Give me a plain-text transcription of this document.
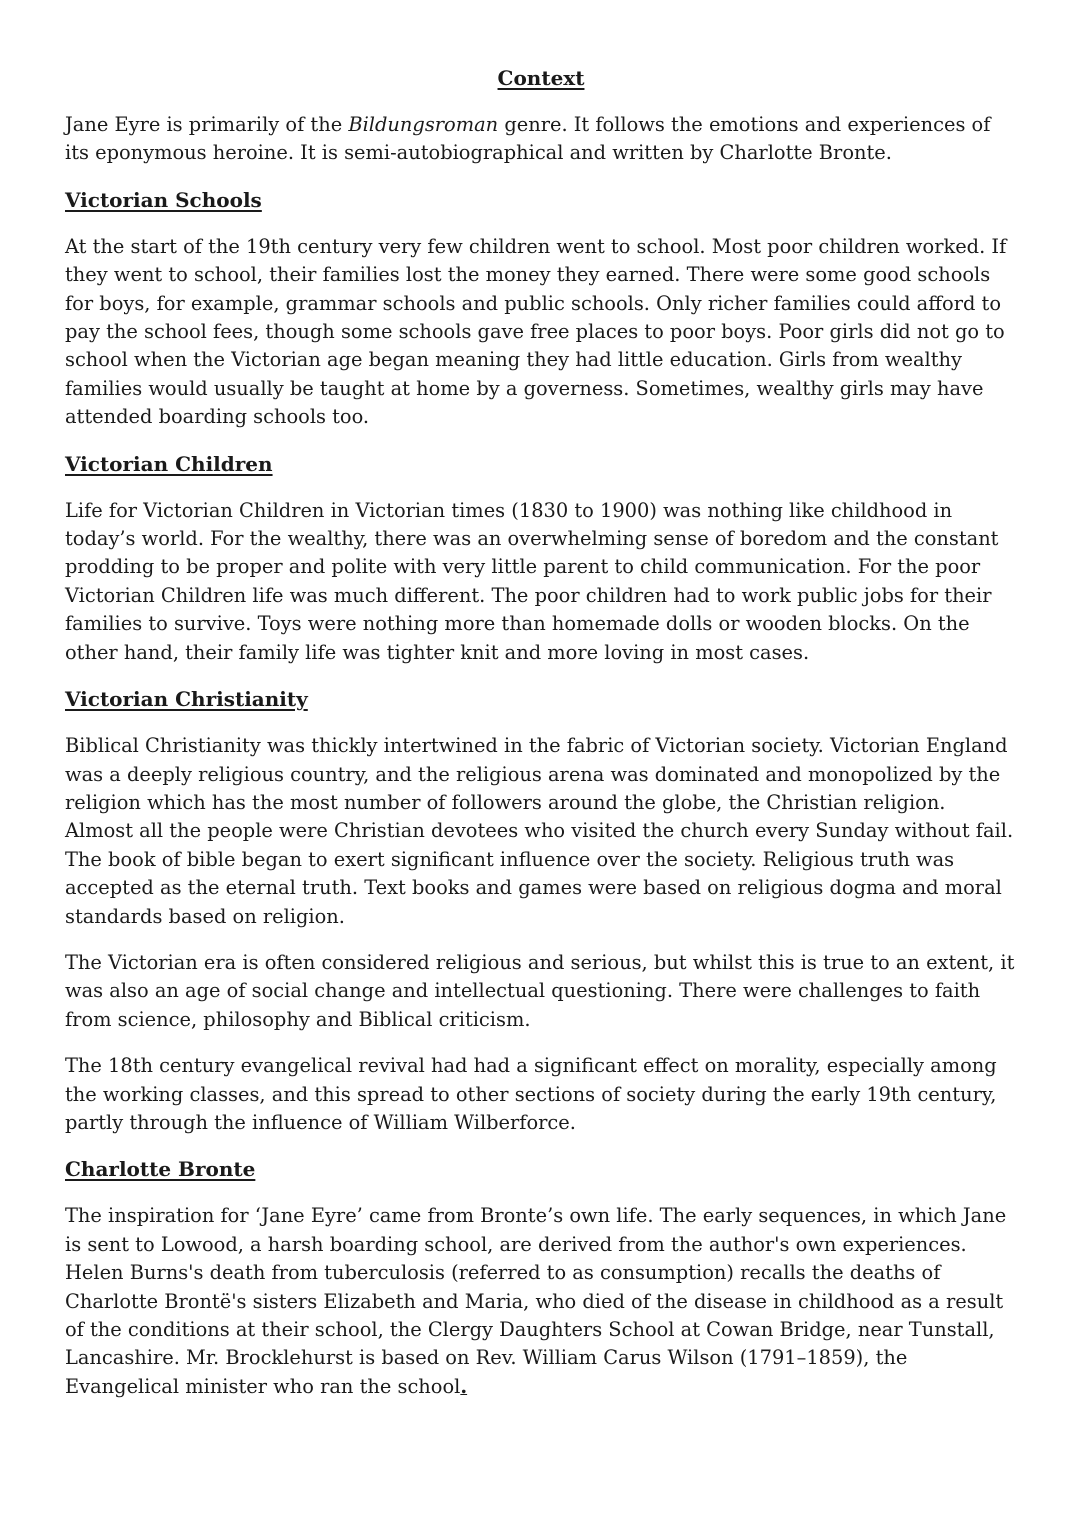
Context

Jane Eyre is primarily of the Bildungsroman genre. It follows the emotions and experiences of its eponymous heroine. It is semi-autobiographical and written by Charlotte Bronte.

Victorian Schools

At the start of the 19th century very few children went to school. Most poor children worked. If they went to school, their families lost the money they earned. There were some good schools for boys, for example, grammar schools and public schools. Only richer families could afford to pay the school fees, though some schools gave free places to poor boys. Poor girls did not go to school when the Victorian age began meaning they had little education. Girls from wealthy families would usually be taught at home by a governess. Sometimes, wealthy girls may have attended boarding schools too.

Victorian Children

Life for Victorian Children in Victorian times (1830 to 1900) was nothing like childhood in today’s world. For the wealthy, there was an overwhelming sense of boredom and the constant prodding to be proper and polite with very little parent to child communication. For the poor Victorian Children life was much different. The poor children had to work public jobs for their families to survive. Toys were nothing more than homemade dolls or wooden blocks. On the other hand, their family life was tighter knit and more loving in most cases.

Victorian Christianity

Biblical Christianity was thickly intertwined in the fabric of Victorian society. Victorian England was a deeply religious country, and the religious arena was dominated and monopolized by the religion which has the most number of followers around the globe, the Christian religion. Almost all the people were Christian devotees who visited the church every Sunday without fail. The book of bible began to exert significant influence over the society. Religious truth was accepted as the eternal truth. Text books and games were based on religious dogma and moral standards based on religion.

The Victorian era is often considered religious and serious, but whilst this is true to an extent, it was also an age of social change and intellectual questioning. There were challenges to faith from science, philosophy and Biblical criticism.

The 18th century evangelical revival had had a significant effect on morality, especially among the working classes, and this spread to other sections of society during the early 19th century, partly through the influence of William Wilberforce.

Charlotte Bronte

The inspiration for ‘Jane Eyre’ came from Bronte’s own life. The early sequences, in which Jane is sent to Lowood, a harsh boarding school, are derived from the author's own experiences. Helen Burns's death from tuberculosis (referred to as consumption) recalls the deaths of Charlotte Brontë's sisters Elizabeth and Maria, who died of the disease in childhood as a result of the conditions at their school, the Clergy Daughters School at Cowan Bridge, near Tunstall, Lancashire. Mr. Brocklehurst is based on Rev. William Carus Wilson (1791–1859), the Evangelical minister who ran the school.
